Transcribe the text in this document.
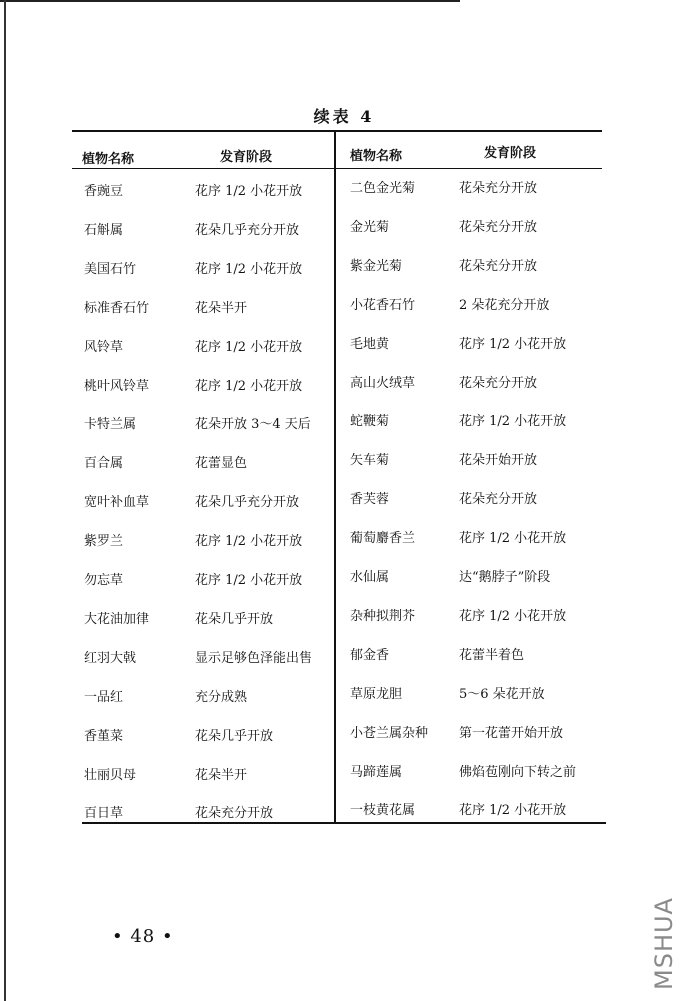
续表 4
植物名称	发育阶段	植物名称	发育阶段
香豌豆	花序 1/2 小花开放	二色金光菊	花朵充分开放
石斛属	花朵几乎充分开放	金光菊	花朵充分开放
美国石竹	花序 1/2 小花开放	紫金光菊	花朵充分开放
标准香石竹	花朵半开	小花香石竹	2 朵花充分开放
风铃草	花序 1/2 小花开放	毛地黄	花序 1/2 小花开放
桃叶风铃草	花序 1/2 小花开放	高山火绒草	花朵充分开放
卡特兰属	花朵开放 3～4 天后	蛇鞭菊	花序 1/2 小花开放
百合属	花蕾显色	矢车菊	花朵开始开放
宽叶补血草	花朵几乎充分开放	香芙蓉	花朵充分开放
紫罗兰	花序 1/2 小花开放	葡萄麝香兰	花序 1/2 小花开放
勿忘草	花序 1/2 小花开放	水仙属	达“鹅脖子”阶段
大花油加律	花朵几乎开放	杂种拟荆芥	花序 1/2 小花开放
红羽大戟	显示足够色泽能出售	郁金香	花蕾半着色
一品红	充分成熟	草原龙胆	5～6 朵花开放
香堇菜	花朵几乎开放	小苍兰属杂种 第一花蕾开始开放
壮丽贝母	花朵半开	马蹄莲属	佛焰苞刚向下转之前
百日草	花朵充分开放	一枝黄花属	花序 1/2 小花开放
• 48 •	MSHUA
